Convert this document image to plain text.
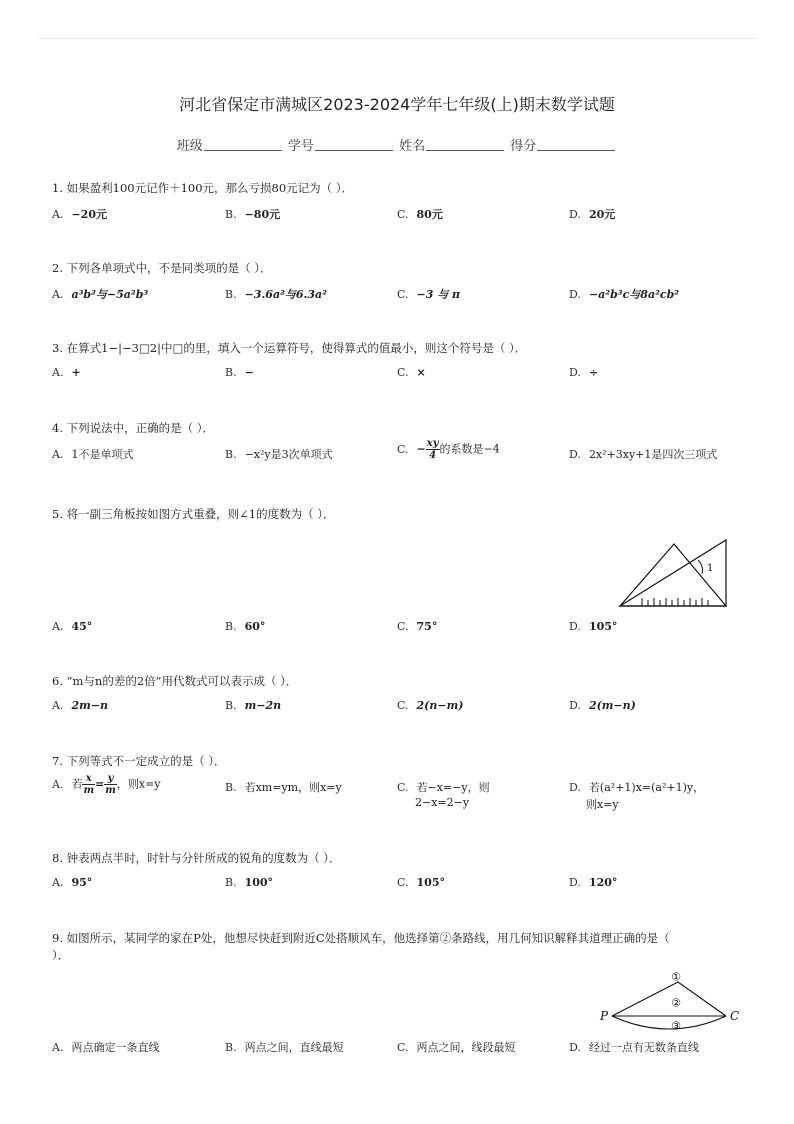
河北省保定市满城区2023-2024学年七年级(上)期末数学试题
班级	学号	姓名	得分
1. 如果盈利100元记作＋100元，那么亏损80元记为（ ）．
A. −20元	B. −80元	C. 80元	D. 20元
2. 下列各单项式中，不是同类项的是（ ）．
A. a³b²与−5a²b³	B. −3.6a²与6.3a²	C. −3 与 π	D. −a²b³c与8a²cb²
3. 在算式1−|−3□2|中□的里，填入一个运算符号，使得算式的值最小，则这个符号是（ ）．
A. +	B. −	C. ×	D. ÷
4. 下列说法中，正确的是（ ）．
A. 1不是单项式	B. −x²y是3次单项式	C. − $\frac{xy}{4}$ 的系数是−4	D. 2x²+3xy+1是四次三项式
5. 将一副三角板按如图方式重叠，则∠1的度数为（ ）．
1
A. 45°	B. 60°	C. 75°	D. 105°
6. “m与n的差的2倍”用代数式可以表示成（ ）．
A. 2m−n	B. m−2n	C. 2(n−m)	D. 2(m−n)
7. 下列等式不一定成立的是（ ）．
A. 若 $\frac{x}{m} = \frac{y}{m}$ ，则x=y	B. 若xm=ym，则x=y	C. 若−x=−y，则
2−x=2−y
D. 若(a²+1)x=(a²+1)y，
则x=y
8. 钟表两点半时，时针与分针所成的锐角的度数为（ ）．
A. 95°	B. 100°	C. 105°	D. 120°
9. 如图所示，某同学的家在P处，他想尽快赶到附近C处搭顺风车，他选择第②条路线，用几何知识解释其道理正确的是（
）．
①
②
③
P	C
A. 两点确定一条直线	B. 两点之间，直线最短	C. 两点之间，线段最短	D. 经过一点有无数条直线
